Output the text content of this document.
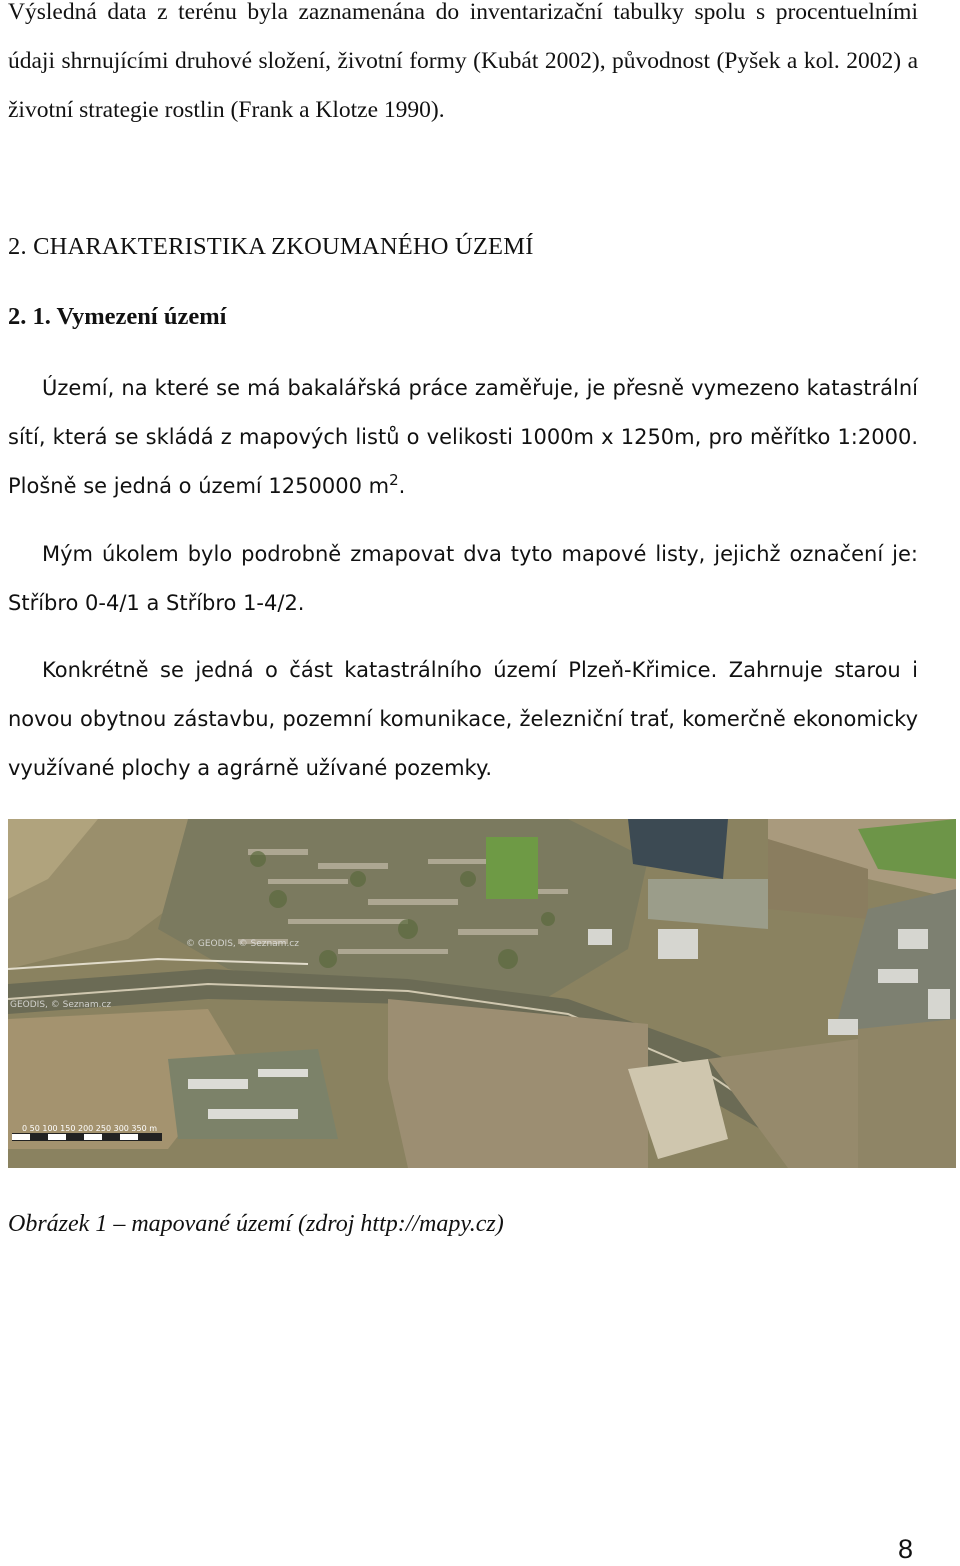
Výsledná data z terénu byla zaznamenána do inventarizační tabulky spolu s procentuelními údaji shrnujícími druhové složení, životní formy (Kubát 2002), původnost (Pyšek a kol. 2002) a životní strategie rostlin (Frank a Klotze 1990).

2. CHARAKTERISTIKA ZKOUMANÉHO ÚZEMÍ
2. 1. Vymezení území

Území, na které se má bakalářská práce zaměřuje, je přesně vymezeno katastrální sítí, která se skládá z mapových listů o velikosti 1000m x 1250m, pro měřítko 1:2000. Plošně se jedná o území 1250000 $m^2$.

Mým úkolem bylo podrobně zmapovat dva tyto mapové listy, jejichž označení je: Stříbro 0-4/1 a Stříbro 1-4/2.

Konkrétně se jedná o část katastrálního území Plzeň-Křimice. Zahrnuje starou i novou obytnou zástavbu, pozemní komunikace, železniční trať, komerčně ekonomicky využívané plochy a agrárně užívané pozemky.

0 50 100 150 200 250 300 350 m
© GEODIS, © Seznam.cz
GEODIS, © Seznam.cz
Obrázek 1 – mapované území (zdroj http://mapy.cz)
8
